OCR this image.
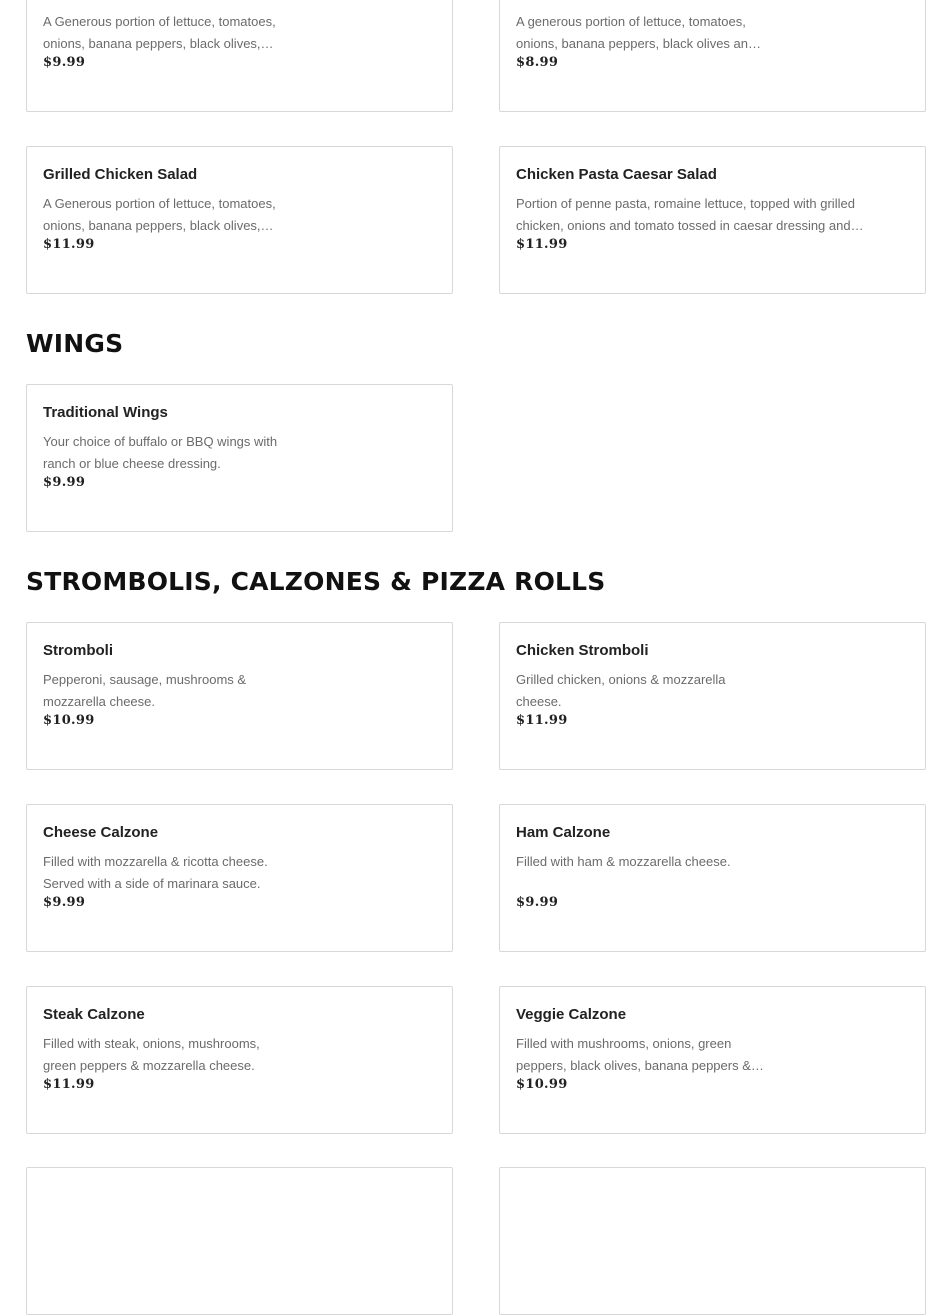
A Generous portion of lettuce, tomatoes, onions, banana peppers, black olives,
$9.99
A generous portion of lettuce, tomatoes, onions, banana peppers, black olives and
$8.99
Grilled Chicken Salad
A Generous portion of lettuce, tomatoes, onions, banana peppers, black olives,
$11.99
Chicken Pasta Caesar Salad
Portion of penne pasta, romaine lettuce, topped with grilled chicken, onions and tomato tossed in caesar dressing and
$11.99
WINGS
Traditional Wings
Your choice of buffalo or BBQ wings with ranch or blue cheese dressing.
$9.99
STROMBOLIS, CALZONES & PIZZA ROLLS
Stromboli
Pepperoni, sausage, mushrooms & mozzarella cheese.
$10.99
Chicken Stromboli
Grilled chicken, onions & mozzarella cheese.
$11.99
Cheese Calzone
Filled with mozzarella & ricotta cheese. Served with a side of marinara sauce.
$9.99
Ham Calzone
Filled with ham & mozzarella cheese.
$9.99
Steak Calzone
Filled with steak, onions, mushrooms, green peppers & mozzarella cheese.
$11.99
Veggie Calzone
Filled with mushrooms, onions, green peppers, black olives, banana peppers &
$10.99
